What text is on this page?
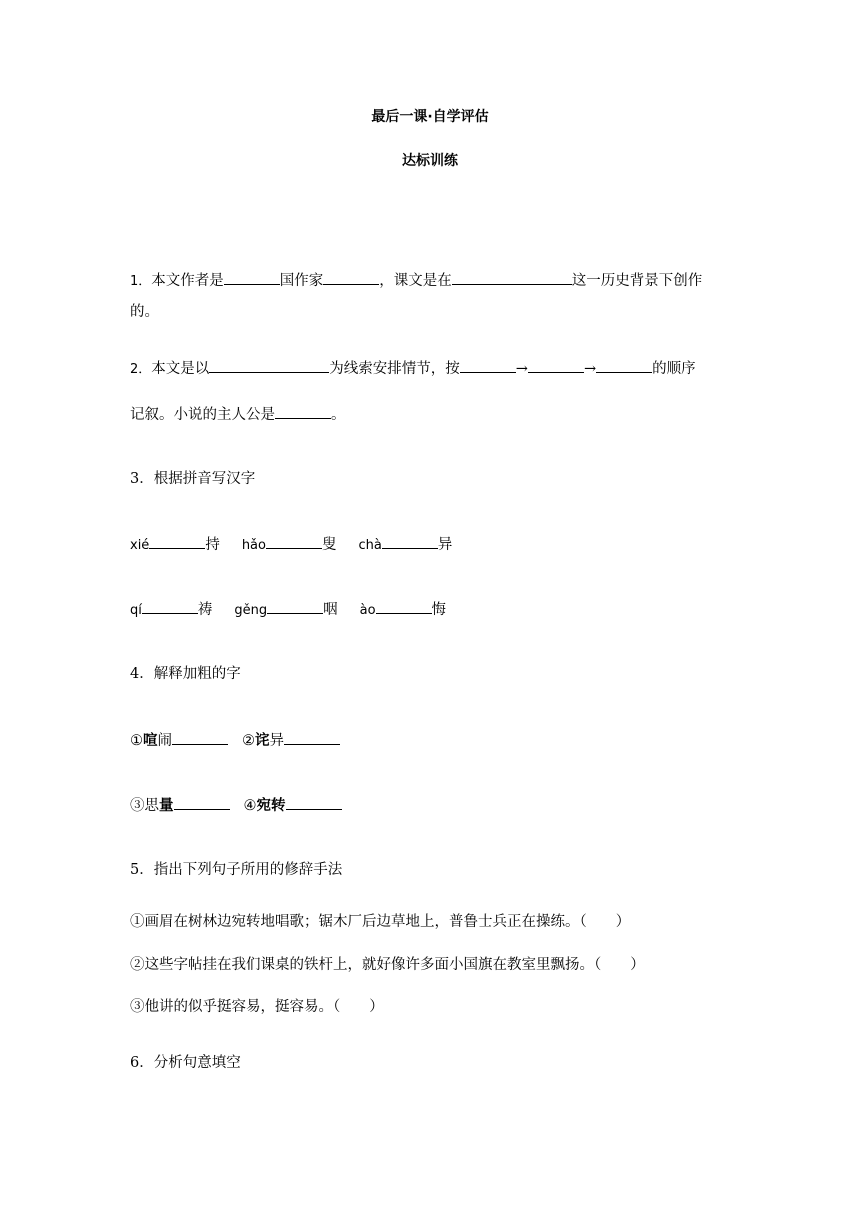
最后一课·自学评估
达标训练
1．本文作者是	国作家	，课文是在	这一历史背景下创作
的。
2．本文是以	为线索安排情节，按	→	→	的顺序
记叙。小说的主人公是	。
3．根据拼音写汉字
xié	持 hǎo	叟 chà	异
qí	祷 gěng	咽 ào	悔
4．解释加粗的字
①喧闹	②诧异
③思量	④宛转
5．指出下列句子所用的修辞手法
①画眉在树林边宛转地唱歌；锯木厂后边草地上，普鲁士兵正在操练。（　　）
②这些字帖挂在我们课桌的铁杆上，就好像许多面小国旗在教室里飘扬。（　　）
③他讲的似乎挺容易，挺容易。（　　）
6．分析句意填空
